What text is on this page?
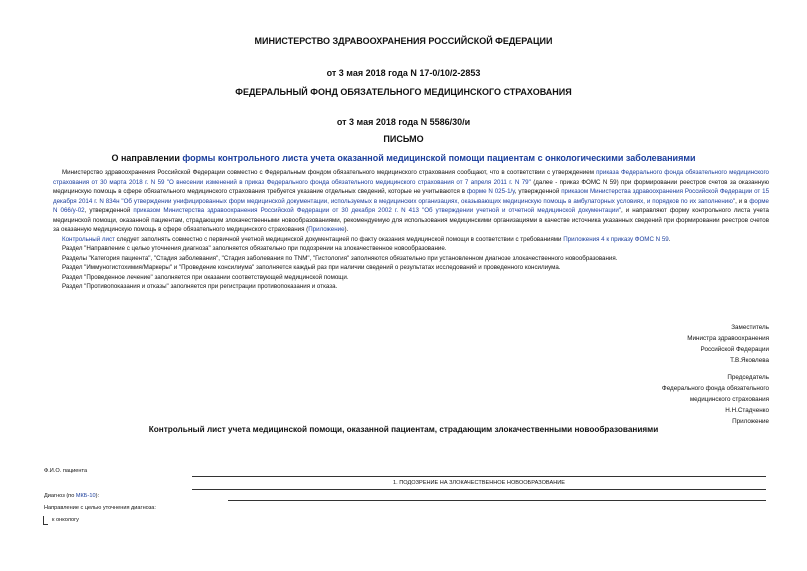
МИНИСТЕРСТВО ЗДРАВООХРАНЕНИЯ РОССИЙСКОЙ ФЕДЕРАЦИИ
от 3 мая 2018 года N 17-0/10/2-2853
ФЕДЕРАЛЬНЫЙ ФОНД ОБЯЗАТЕЛЬНОГО МЕДИЦИНСКОГО СТРАХОВАНИЯ
от 3 мая 2018 года N 5586/30/и
ПИСЬМО
О направлении формы контрольного листа учета оказанной медицинской помощи пациентам с онкологическими заболеваниями

Министерство здравоохранения Российской Федерации совместно с Федеральным фондом обязательного медицинского страхования сообщают, что в соответствии с утверждением приказа Федерального фонда обязательного медицинского страхования от 30 марта 2018 г. N 59 "О внесении изменений в приказ Федерального фонда обязательного медицинского страхования от 7 апреля 2011 г. N 79" (далее - приказ ФОМС N 59) при формировании реестров счетов за оказанную медицинскую помощь в сфере обязательного медицинского страхования требуется указание отдельных сведений, которые не учитываются в форме N 025-1/у, утвержденной приказом Министерства здравоохранения Российской Федерации от 15 декабря 2014 г. N 834н "Об утверждении унифицированных форм медицинской документации, используемых в медицинских организациях, оказывающих медицинскую помощь в амбулаторных условиях, и порядков по их заполнению", и в форме N 066/у-02, утвержденной приказом Министерства здравоохранения Российской Федерации от 30 декабря 2002 г. N 413 "Об утверждении учетной и отчетной медицинской документации", и направляют форму контрольного листа учета медицинской помощи, оказанной пациентам, страдающим злокачественными новообразованиями, рекомендуемую для использования медицинскими организациями в качестве источника указанных сведений при формировании реестров счетов за оказанную медицинскую помощь в сфере обязательного медицинского страхования (Приложение).

Контрольный лист следует заполнять совместно с первичной учетной медицинской документацией по факту оказания медицинской помощи в соответствии с требованиями Приложения 4 к приказу ФОМС N 59.

Раздел "Направление с целью уточнения диагноза" заполняется обязательно при подозрении на злокачественное новообразование.

Разделы "Категория пациента", "Стадия заболевания", "Стадия заболевания по TNM", "Гистология" заполняются обязательно при установленном диагнозе злокачественного новообразования.

Раздел "Иммуногистохимия/Маркеры" и "Проведение консилиума" заполняется каждый раз при наличии сведений о результатах исследований и проведенного консилиума.

Раздел "Проведенное лечение" заполняется при оказании соответствующей медицинской помощи.

Раздел "Противопоказания и отказы" заполняется при регистрации противопоказания и отказа.

Заместитель
Министра здравоохранения
Российской Федерации
Т.В.Яковлева
Председатель
Федерального фонда обязательного
медицинского страхования
Н.Н.Стадченко
Приложение
Контрольный лист учета медицинской помощи, оказанной пациентам, страдающим злокачественными новообразованиями
Ф.И.О. пациента
1. ПОДОЗРЕНИЕ НА ЗЛОКАЧЕСТВЕННОЕ НОВООБРАЗОВАНИЕ
Диагноз (по МКБ-10):
Направление с целью уточнения диагноза:
к онкологу
